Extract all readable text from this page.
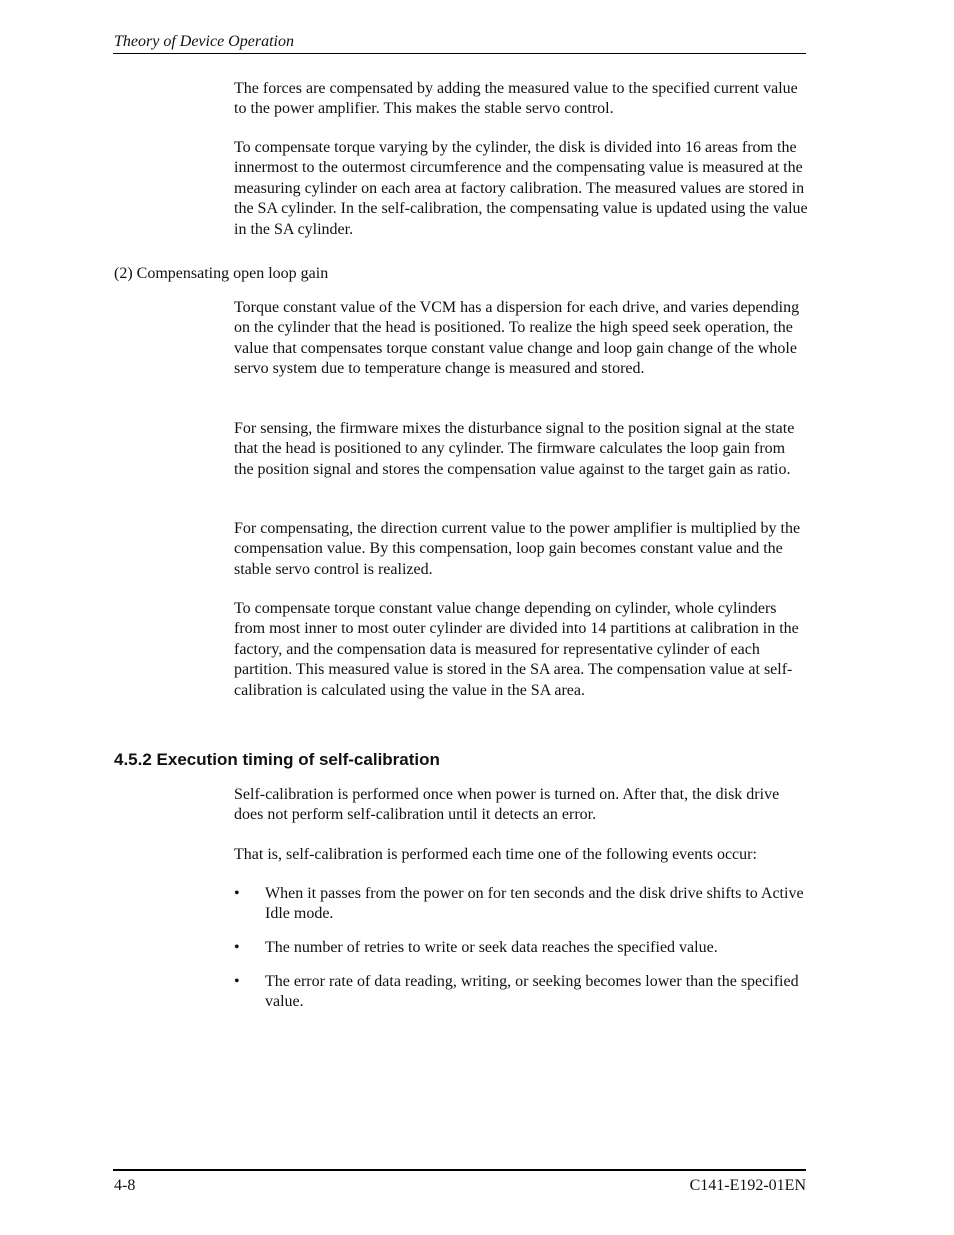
Theory of Device Operation

The forces are compensated by adding the measured value to the specified current value to the power amplifier. This makes the stable servo control.

To compensate torque varying by the cylinder, the disk is divided into 16 areas from the innermost to the outermost circumference and the compensating value is measured at the measuring cylinder on each area at factory calibration. The measured values are stored in the SA cylinder. In the self-calibration, the compensating value is updated using the value in the SA cylinder.

(2) Compensating open loop gain

Torque constant value of the VCM has a dispersion for each drive, and varies depending on the cylinder that the head is positioned. To realize the high speed seek operation, the value that compensates torque constant value change and loop gain change of the whole servo system due to temperature change is measured and stored.

For sensing, the firmware mixes the disturbance signal to the position signal at the state that the head is positioned to any cylinder. The firmware calculates the loop gain from the position signal and stores the compensation value against to the target gain as ratio.

For compensating, the direction current value to the power amplifier is multiplied by the compensation value. By this compensation, loop gain becomes constant value and the stable servo control is realized.

To compensate torque constant value change depending on cylinder, whole cylinders from most inner to most outer cylinder are divided into 14 partitions at calibration in the factory, and the compensation data is measured for representative cylinder of each partition. This measured value is stored in the SA area. The compensation value at self-calibration is calculated using the value in the SA area.

4.5.2 Execution timing of self-calibration

Self-calibration is performed once when power is turned on. After that, the disk drive does not perform self-calibration until it detects an error.

That is, self-calibration is performed each time one of the following events occur:

• When it passes from the power on for ten seconds and the disk drive shifts to Active Idle mode.
• The number of retries to write or seek data reaches the specified value.
• The error rate of data reading, writing, or seeking becomes lower than the specified value.
4-8	C141-E192-01EN
